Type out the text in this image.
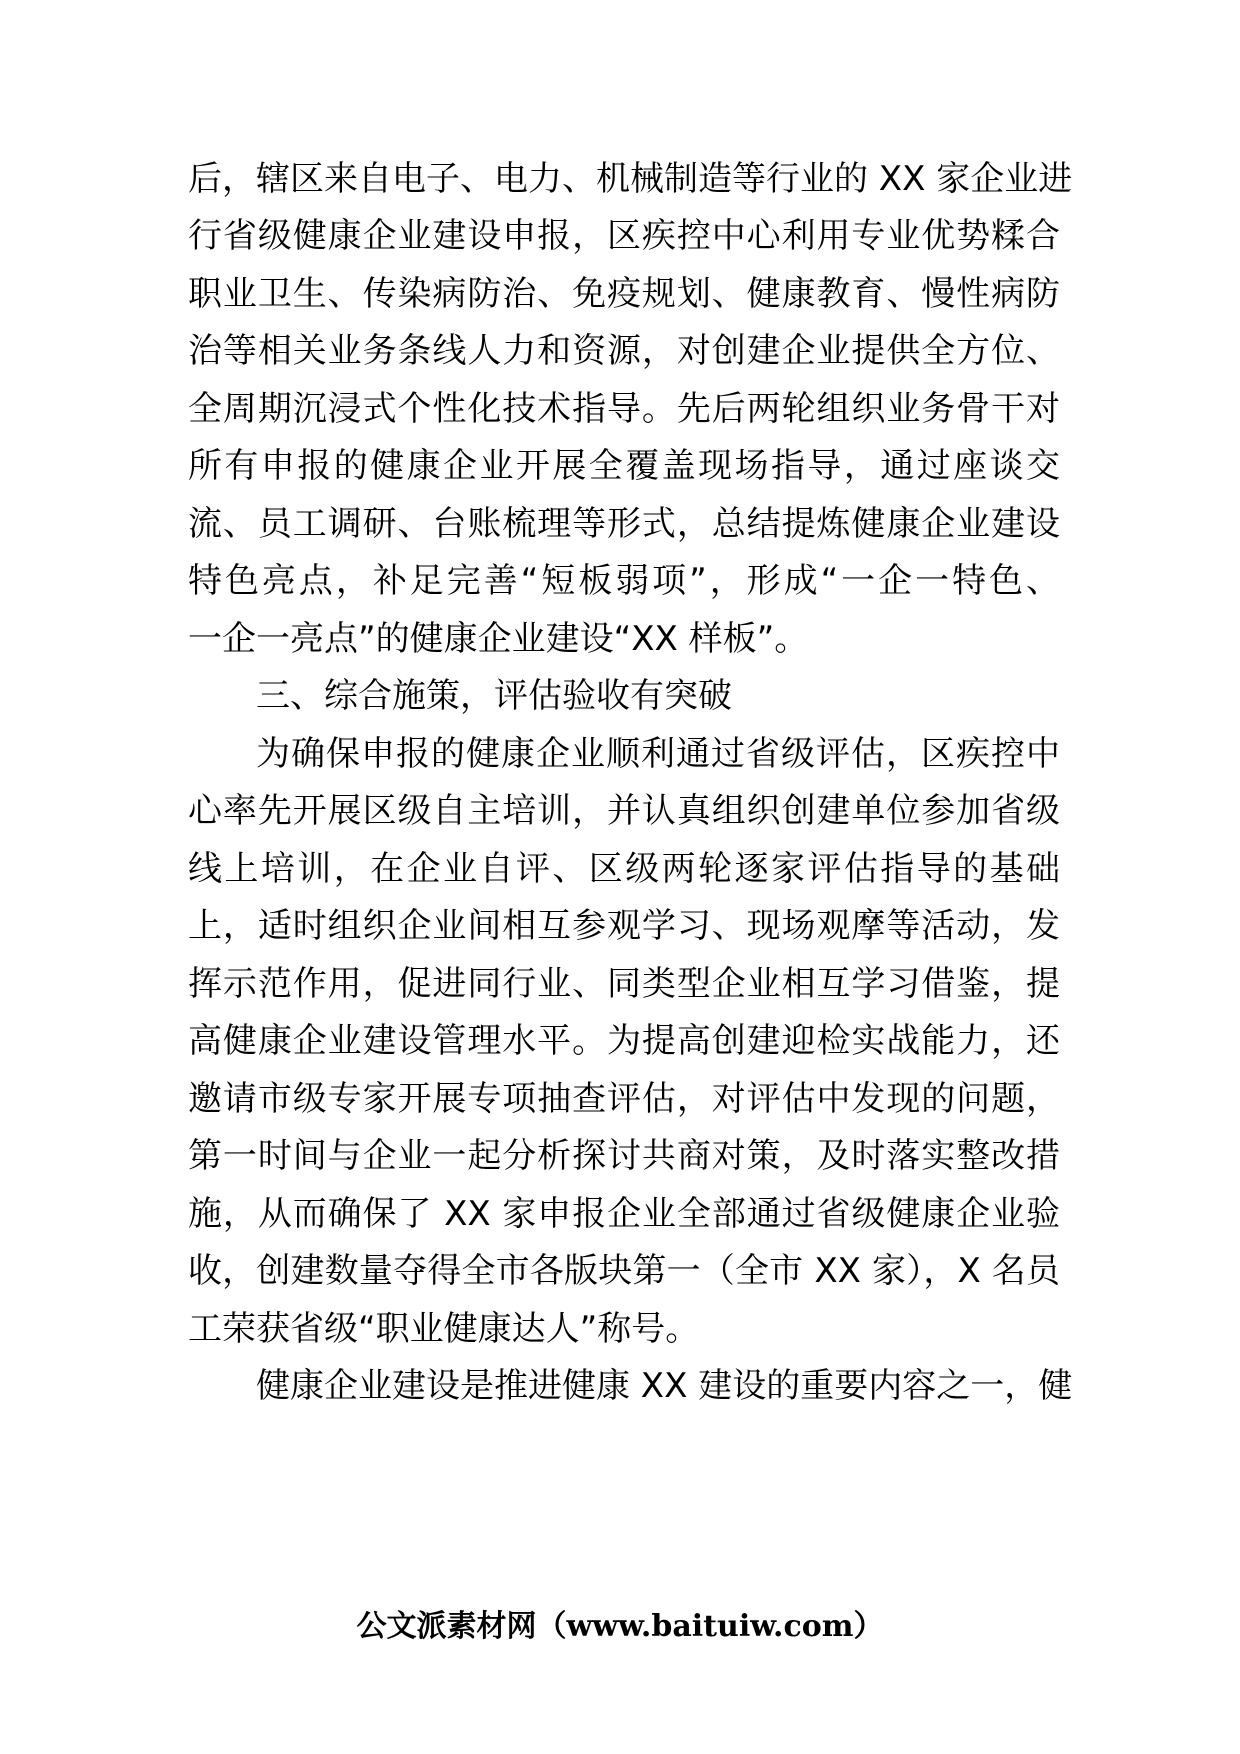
后，辖区来自电子、电力、机械制造等行业的 XX 家企业进
行省级健康企业建设申报，区疾控中心利用专业优势糅合
职业卫生、传染病防治、免疫规划、健康教育、慢性病防
治等相关业务条线人力和资源，对创建企业提供全方位、
全周期沉浸式个性化技术指导。先后两轮组织业务骨干对
所有申报的健康企业开展全覆盖现场指导，通过座谈交
流、员工调研、台账梳理等形式，总结提炼健康企业建设
特色亮点，补足完善“短板弱项”，形成“一企一特色、
一企一亮点”的健康企业建设“XX 样板”。
三、综合施策，评估验收有突破
为确保申报的健康企业顺利通过省级评估，区疾控中
心率先开展区级自主培训，并认真组织创建单位参加省级
线上培训，在企业自评、区级两轮逐家评估指导的基础
上，适时组织企业间相互参观学习、现场观摩等活动，发
挥示范作用，促进同行业、同类型企业相互学习借鉴，提
高健康企业建设管理水平。为提高创建迎检实战能力，还
邀请市级专家开展专项抽查评估，对评估中发现的问题，
第一时间与企业一起分析探讨共商对策，及时落实整改措
施，从而确保了 XX 家申报企业全部通过省级健康企业验
收，创建数量夺得全市各版块第一（全市 XX 家），X 名员
工荣获省级“职业健康达人”称号。
健康企业建设是推进健康 XX 建设的重要内容之一，健
公文派素材网（www.baituiw.com）
